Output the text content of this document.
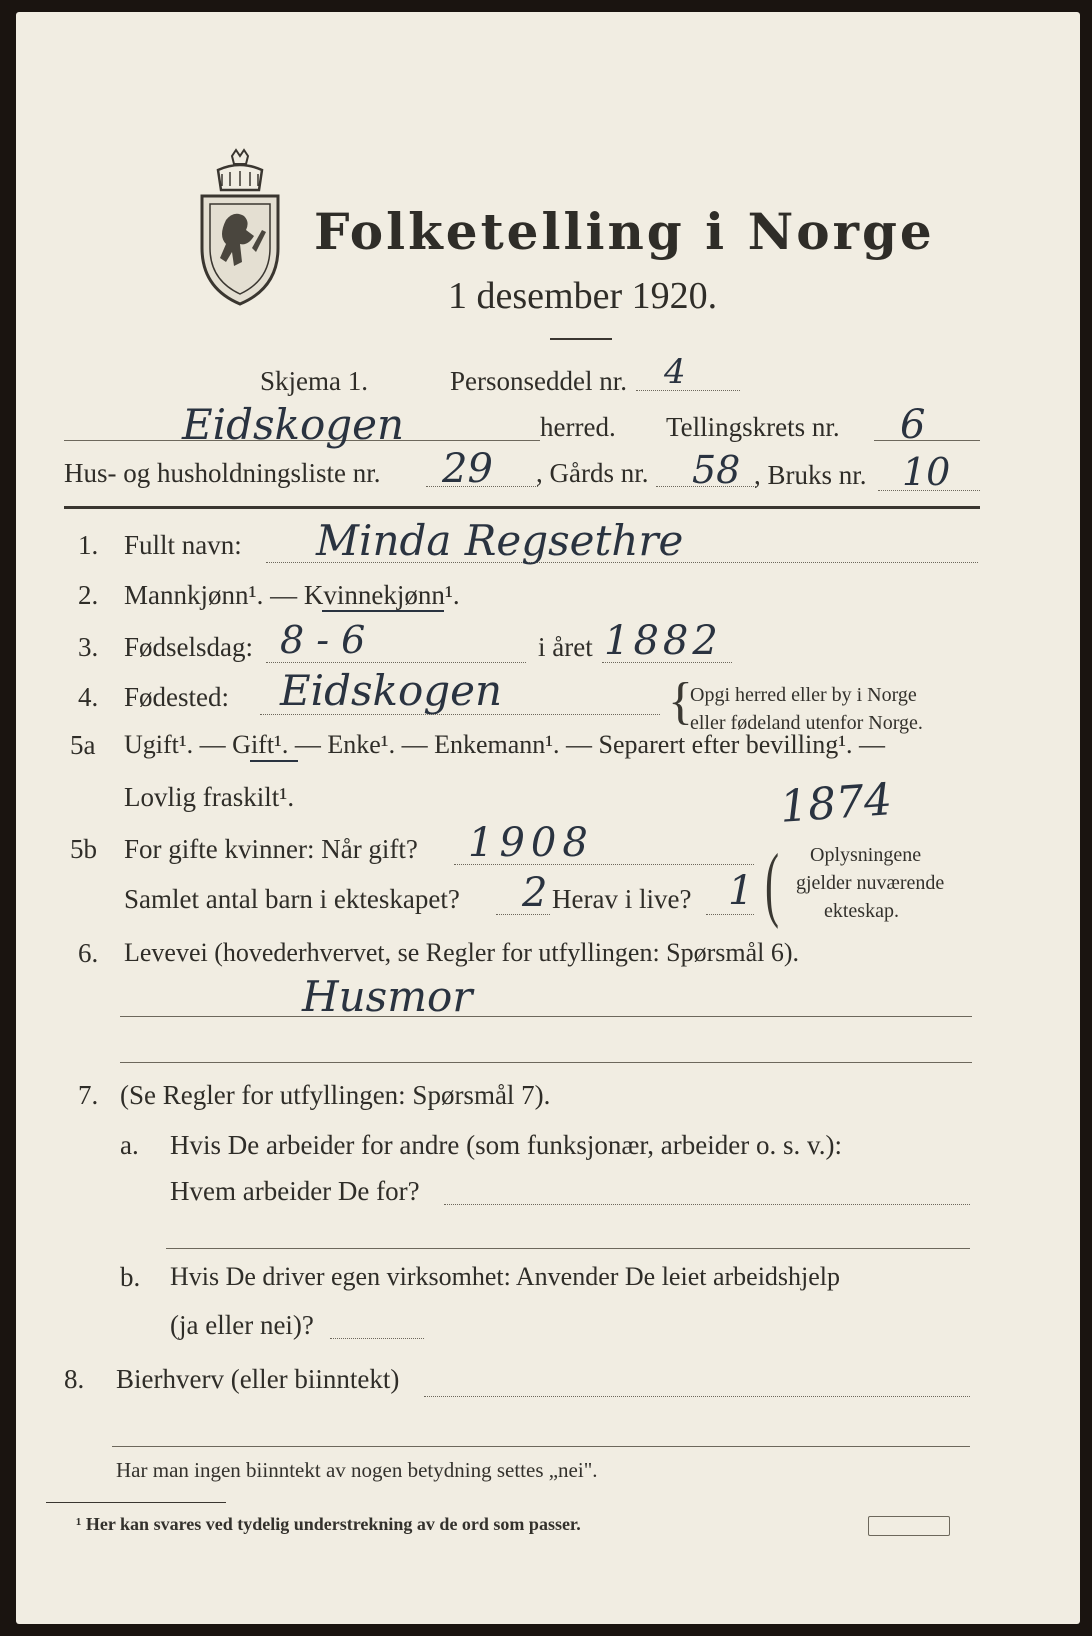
Folketelling i Norge
1 desember 1920.
Skjema 1.	Personseddel nr. 4
Eidskogen	herred. Tellingskrets nr. 6
Hus- og husholdningsliste nr. 29 , Gårds nr. 58 , Bruks nr. 10
1. Fullt navn: Minda Regsethre
2. Mannkjønn¹. — Kvinnekjønn¹.
3. Fødselsdag: 8 - 6	i året 1882
4. Fødested: Eidskogen	{
Opgi herred eller by i Norge
eller fødeland utenfor Norge.
5a Ugift¹. — Gift¹. — Enke¹. — Enkemann¹. — Separert efter bevilling¹. —
Lovlig fraskilt¹.	1874
5b For gifte kvinner: Når gift? 1908
Samlet antal barn i ekteskapet? 2 Herav i live? 1 ( Oplysningene
gjelder nuværende
ekteskap.
6. Levevei (hovederhvervet, se Regler for utfyllingen: Spørsmål 6).
Husmor
7. (Se Regler for utfyllingen: Spørsmål 7).
a. Hvis De arbeider for andre (som funksjonær, arbeider o. s. v.):
Hvem arbeider De for?
b. Hvis De driver egen virksomhet: Anvender De leiet arbeidshjelp
(ja eller nei)?
8. Bierhverv (eller biinntekt)
Har man ingen biinntekt av nogen betydning settes „nei".
¹ Her kan svares ved tydelig understrekning av de ord som passer.
